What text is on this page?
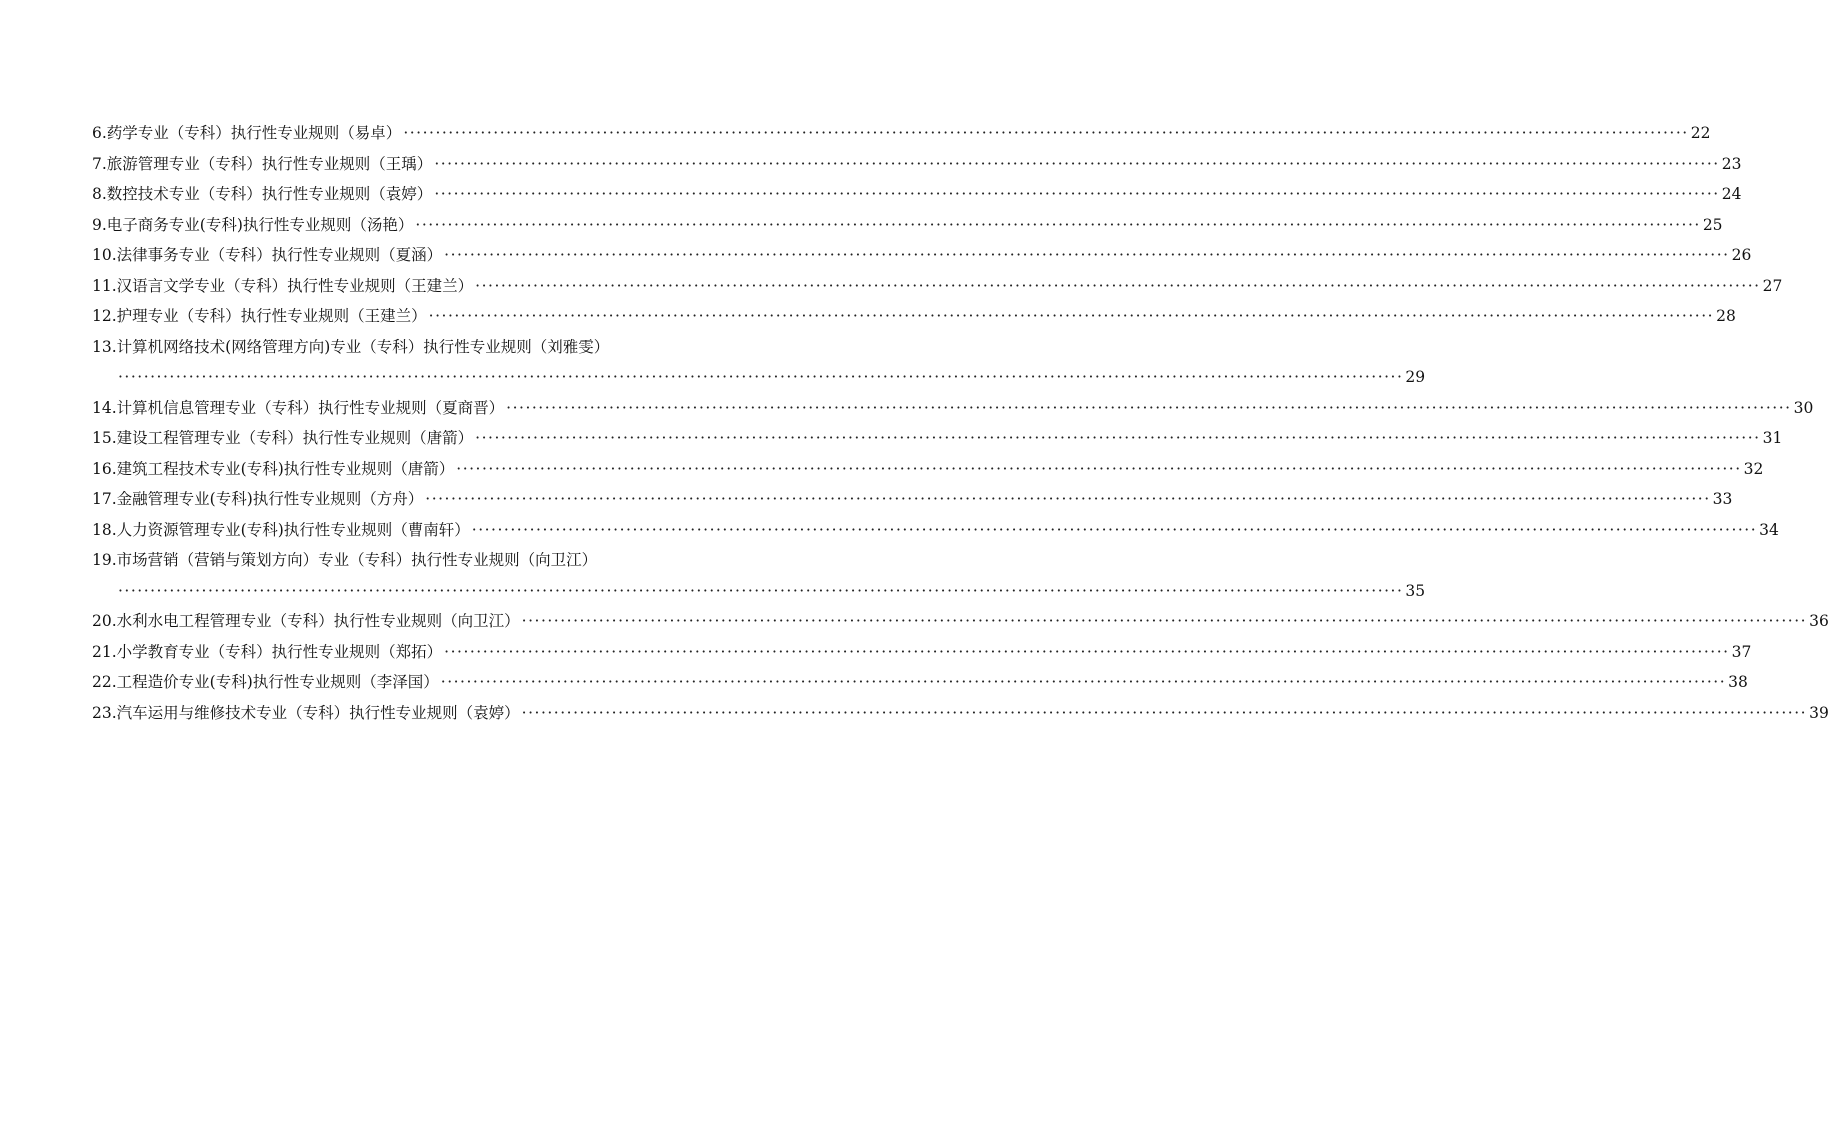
6. 药学专业（专科）执行性专业规则（易卓） ········································································································································································································ 22
7. 旅游管理专业（专科）执行性专业规则（王瑀） ········································································································································································································ 23
8. 数控技术专业（专科）执行性专业规则（袁婷） ········································································································································································································ 24
9. 电子商务专业(专科)执行性专业规则（汤艳） ········································································································································································································ 25
10. 法律事务专业（专科）执行性专业规则（夏涵） ········································································································································································································ 26
11. 汉语言文学专业（专科）执行性专业规则（王建兰） ········································································································································································································ 27
12. 护理专业（专科）执行性专业规则（王建兰） ········································································································································································································ 28
13.计算机网络技术(网络管理方向)专业（专科）执行性专业规则（刘雅雯）
········································································································································································································ 29
14. 计算机信息管理专业（专科）执行性专业规则（夏商晋） ········································································································································································································ 30
15. 建设工程管理专业（专科）执行性专业规则（唐箭） ········································································································································································································ 31
16. 建筑工程技术专业(专科)执行性专业规则（唐箭） ········································································································································································································ 32
17. 金融管理专业(专科)执行性专业规则（方舟） ········································································································································································································ 33
18. 人力资源管理专业(专科)执行性专业规则（曹南轩） ········································································································································································································ 34
19.市场营销（营销与策划方向）专业（专科）执行性专业规则（向卫江）
········································································································································································································ 35
20. 水利水电工程管理专业（专科）执行性专业规则（向卫江） ········································································································································································································ 36
21. 小学教育专业（专科）执行性专业规则（郑拓） ········································································································································································································ 37
22. 工程造价专业(专科)执行性专业规则（李泽国） ········································································································································································································ 38
23. 汽车运用与维修技术专业（专科）执行性专业规则（袁婷） ········································································································································································································ 39
